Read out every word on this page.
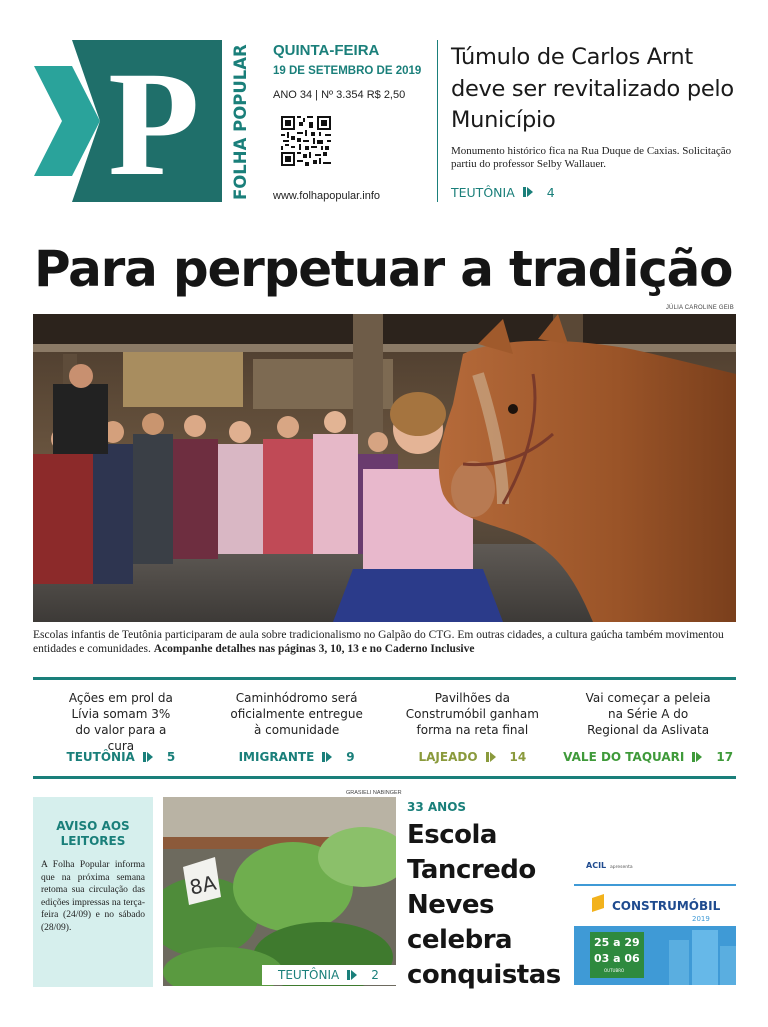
P FOLHA POPULAR QUINTA-FEIRA
19 DE SETEMBRO DE 2019
ANO 34 | Nº 3.354 R$ 2,50
www.folhapopular.info
Túmulo de Carlos Arnt deve ser revitalizado pelo Município
Monumento histórico fica na Rua Duque de Caxias. Solicitação partiu do professor Selby Wallauer.
TEUTÔNIA	4
Para perpetuar a tradição
JÚLIA CAROLINE GEIB
Escolas infantis de Teutônia participaram de aula sobre tradicionalismo no Galpão do CTG. Em outras cidades, a cultura gaúcha também movimentou entidades e comunidades. Acompanhe detalhes nas páginas 3, 10, 13 e no Caderno Inclusive
Ações em prol da Lívia somam 3% do valor para a cura
TEUTÔNIA	5
Caminhódromo será oficialmente entregue à comunidade
IMIGRANTE	9
Pavilhões da Construmóbil ganham forma na reta final
LAJEADO	14
Vai começar a peleia na Série A do Regional da Aslivata
VALE DO TAQUARI	17
AVISO AOS LEITORES
A Folha Popular informa que na próxima semana retoma sua circulação das edições impressas na terça-feira (24/09) e no sábado (28/09).
GRASIELI NABINGER
8A
TEUTÔNIA	2
33 ANOS
Escola
Tancredo
Neves
celebra
conquistas
ACIL apresenta
CONSTRUMÓBIL
2019
25 a 29
03 a 06
OUTUBRO
